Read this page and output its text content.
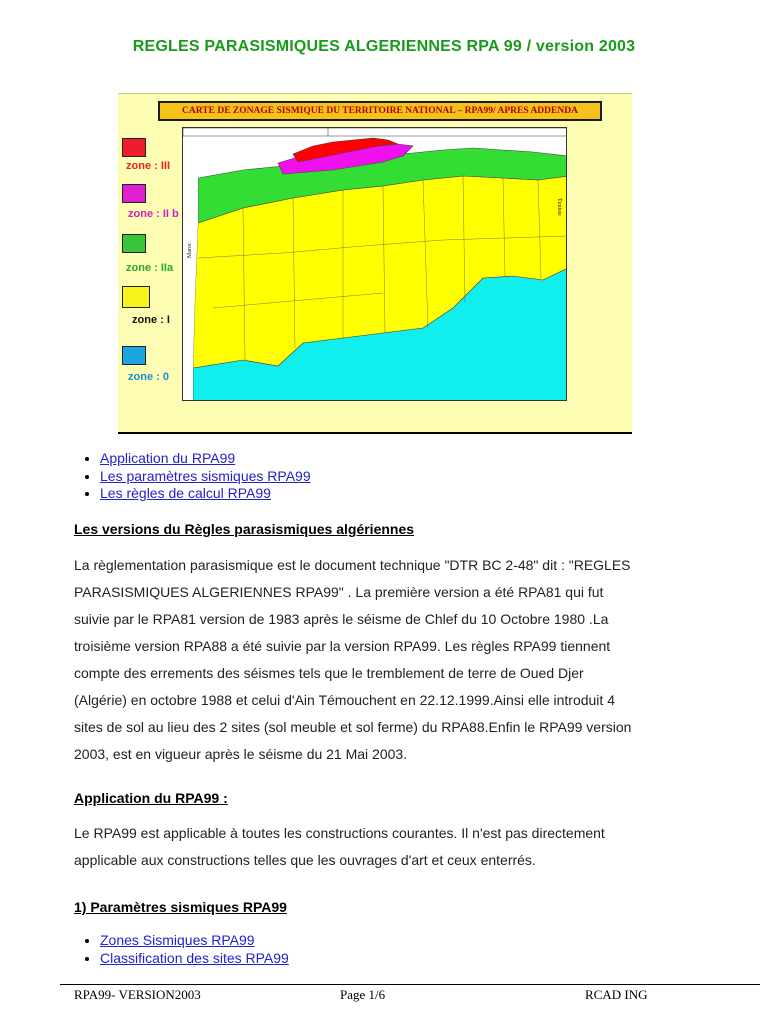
REGLES PARASISMIQUES ALGERIENNES RPA 99 / version 2003
CARTE DE ZONAGE SISMIQUE DU TERRITOIRE NATIONAL – RPA99/ APRES ADDENDA
zone : III
zone : II b
zone : IIa
zone : I
zone : 0
Tunisie
Maroc
• Application du RPA99
• Les paramètres sismiques RPA99
• Les règles de calcul RPA99
Les versions du Règles parasismiques algériennes
La règlementation parasismique est le document technique "DTR BC 2-48" dit : "REGLES
PARASISMIQUES ALGERIENNES RPA99" . La première version a été RPA81 qui fut
suivie par le RPA81 version de 1983 après le séisme de Chlef du 10 Octobre 1980 .La
troisième version RPA88 a été suivie par la version RPA99. Les règles RPA99 tiennent
compte des errements des séismes tels que le tremblement de terre de Oued Djer
(Algérie) en octobre 1988 et celui d'Ain Témouchent en 22.12.1999.Ainsi elle introduit 4
sites de sol au lieu des 2 sites (sol meuble et sol ferme) du RPA88.Enfin le RPA99 version
2003, est en vigueur après le séisme du 21 Mai 2003.
Application du RPA99 :
Le RPA99 est applicable à toutes les constructions courantes. Il n'est pas directement
applicable aux constructions telles que les ouvrages d'art et ceux enterrés.
1) Paramètres sismiques RPA99
• Zones Sismiques RPA99
• Classification des sites RPA99
RPA99- VERSION2003	Page 1/6	RCAD ING
